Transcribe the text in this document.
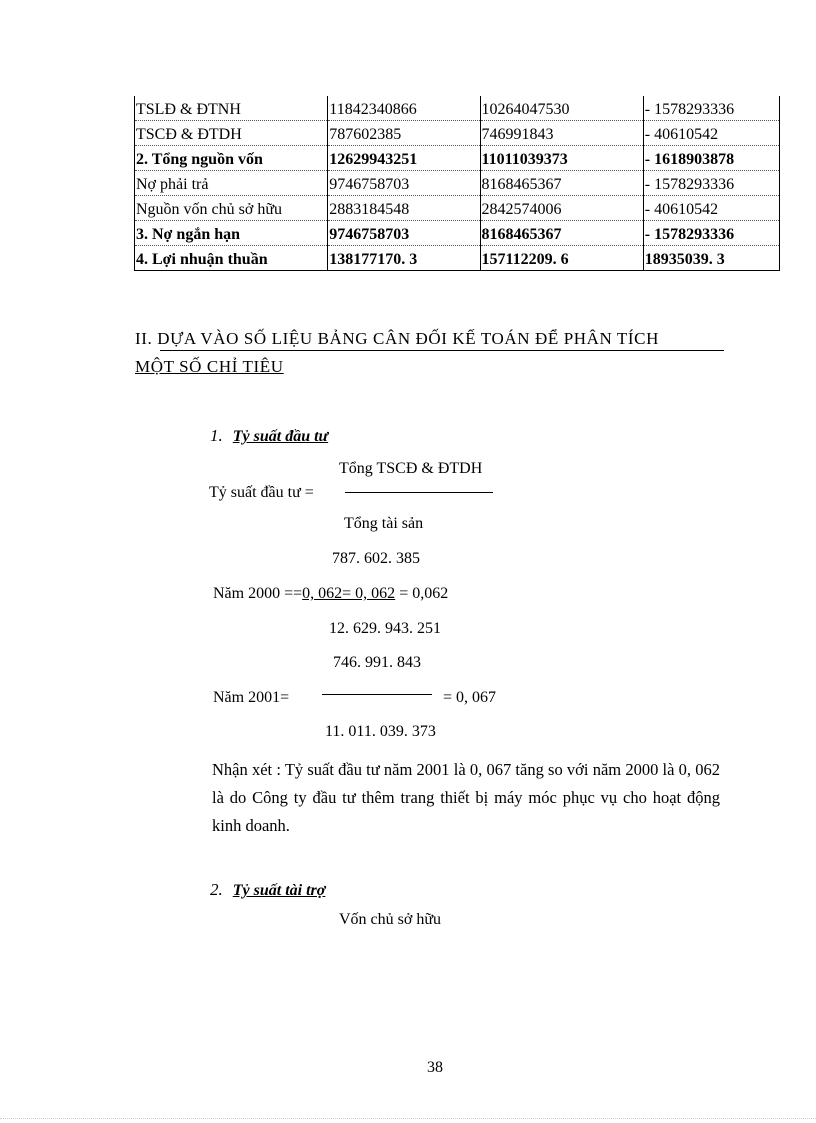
TSLĐ & ĐTNH	11842340866	10264047530	- 1578293336
TSCĐ & ĐTDH	787602385	746991843	- 40610542
2. Tổng nguồn vốn	12629943251	11011039373	- 1618903878
Nợ phải trả	9746758703	8168465367	- 1578293336
Nguồn vốn chủ sở hữu	2883184548	2842574006	- 40610542
3. Nợ ngắn hạn	9746758703	8168465367	- 1578293336
4. Lợi nhuận thuần	138177170. 3	157112209. 6	18935039. 3
II. DỰA VÀO SỐ LIỆU BẢNG CÂN ĐỐI KẾ TOÁN ĐỂ PHÂN TÍCH
MỘT SỐ CHỈ TIÊU
1. Tỷ suất đầu tư
Tổng TSCĐ & ĐTDH
Tỷ suất đầu tư =
Tổng tài sản
787. 602. 385
Năm 2000 ==0, 062= 0, 062 = 0,062
12. 629. 943. 251
746. 991. 843
Năm 2001=	= 0, 067
11. 011. 039. 373
Nhận xét : Tỷ suất đầu tư năm 2001 là 0, 067 tăng so với năm 2000 là 0, 062 là do Công ty đầu tư thêm trang thiết bị máy móc phục vụ cho hoạt động kinh doanh.
2. Tỷ suất tài trợ
Vốn chủ sở hữu
38
